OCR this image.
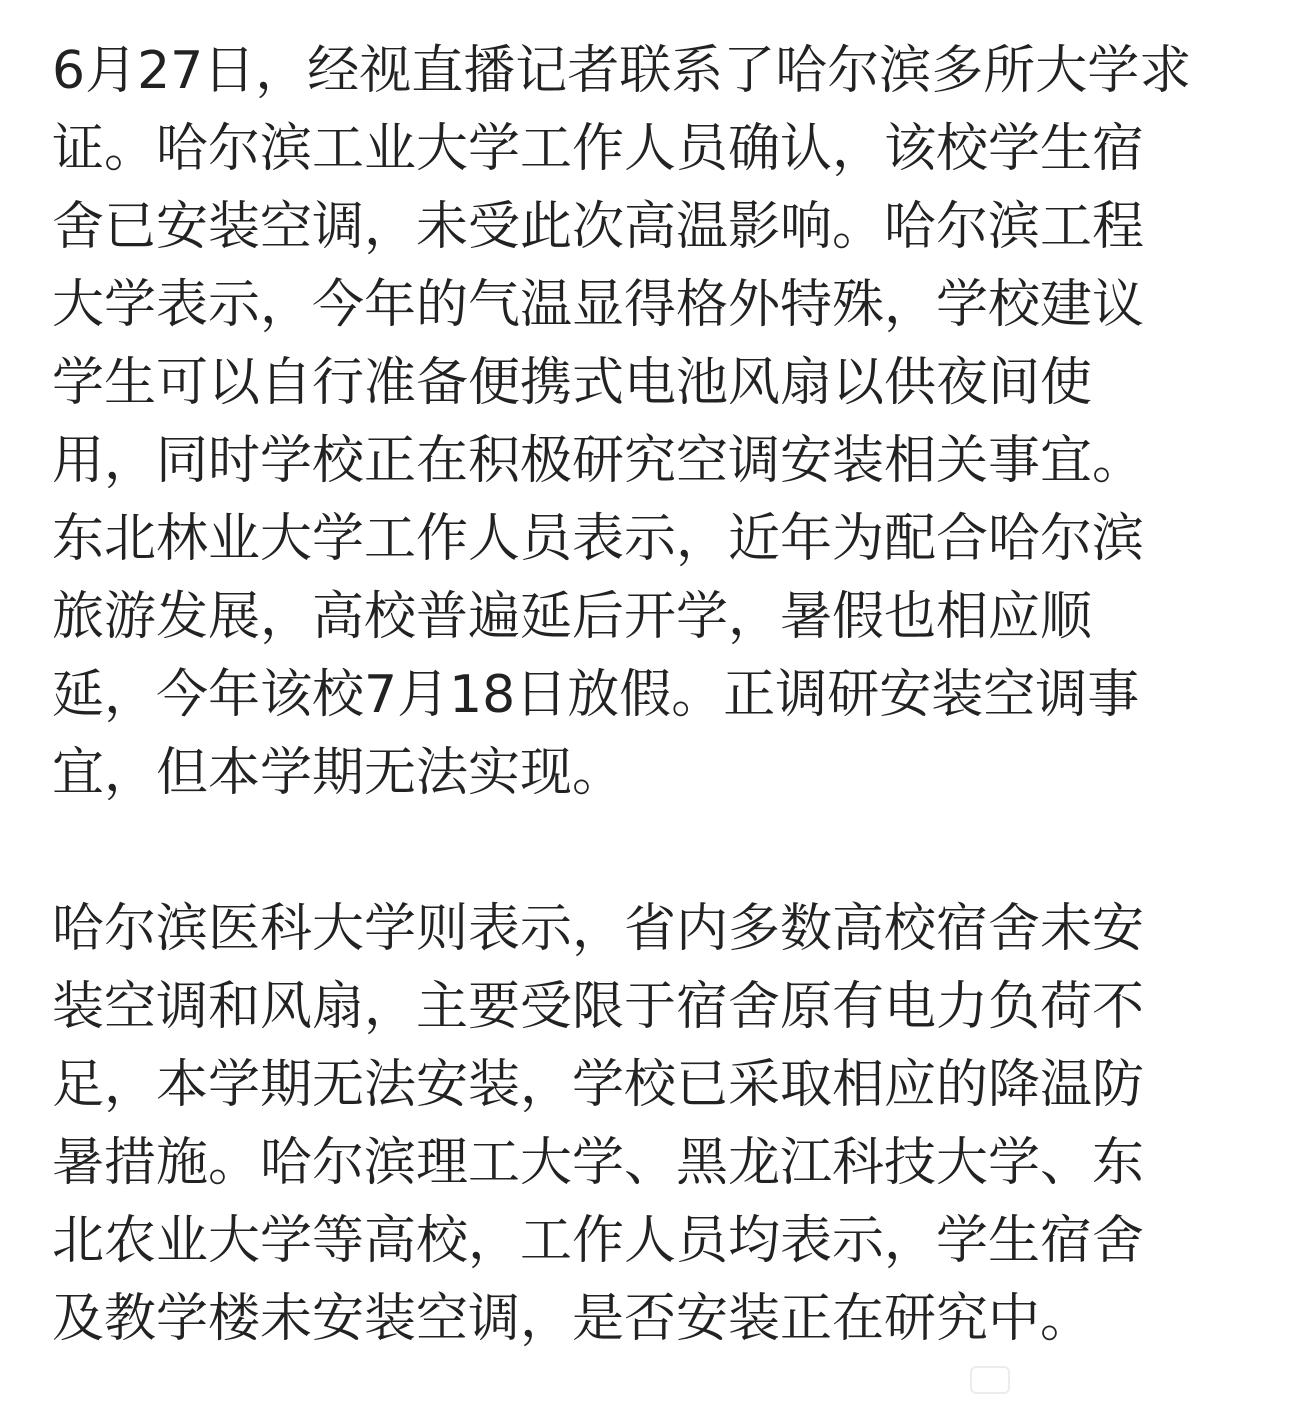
6月27日，经视直播记者联系了哈尔滨多所大学求
证。哈尔滨工业大学工作人员确认，该校学生宿
舍已安装空调，未受此次高温影响。哈尔滨工程
大学表示，今年的气温显得格外特殊，学校建议
学生可以自行准备便携式电池风扇以供夜间使
用，同时学校正在积极研究空调安装相关事宜。
东北林业大学工作人员表示，近年为配合哈尔滨
旅游发展，高校普遍延后开学，暑假也相应顺
延，今年该校7月18日放假。正调研安装空调事
宜，但本学期无法实现。
哈尔滨医科大学则表示，省内多数高校宿舍未安
装空调和风扇，主要受限于宿舍原有电力负荷不
足，本学期无法安装，学校已采取相应的降温防
暑措施。哈尔滨理工大学、黑龙江科技大学、东
北农业大学等高校，工作人员均表示，学生宿舍
及教学楼未安装空调，是否安装正在研究中。
